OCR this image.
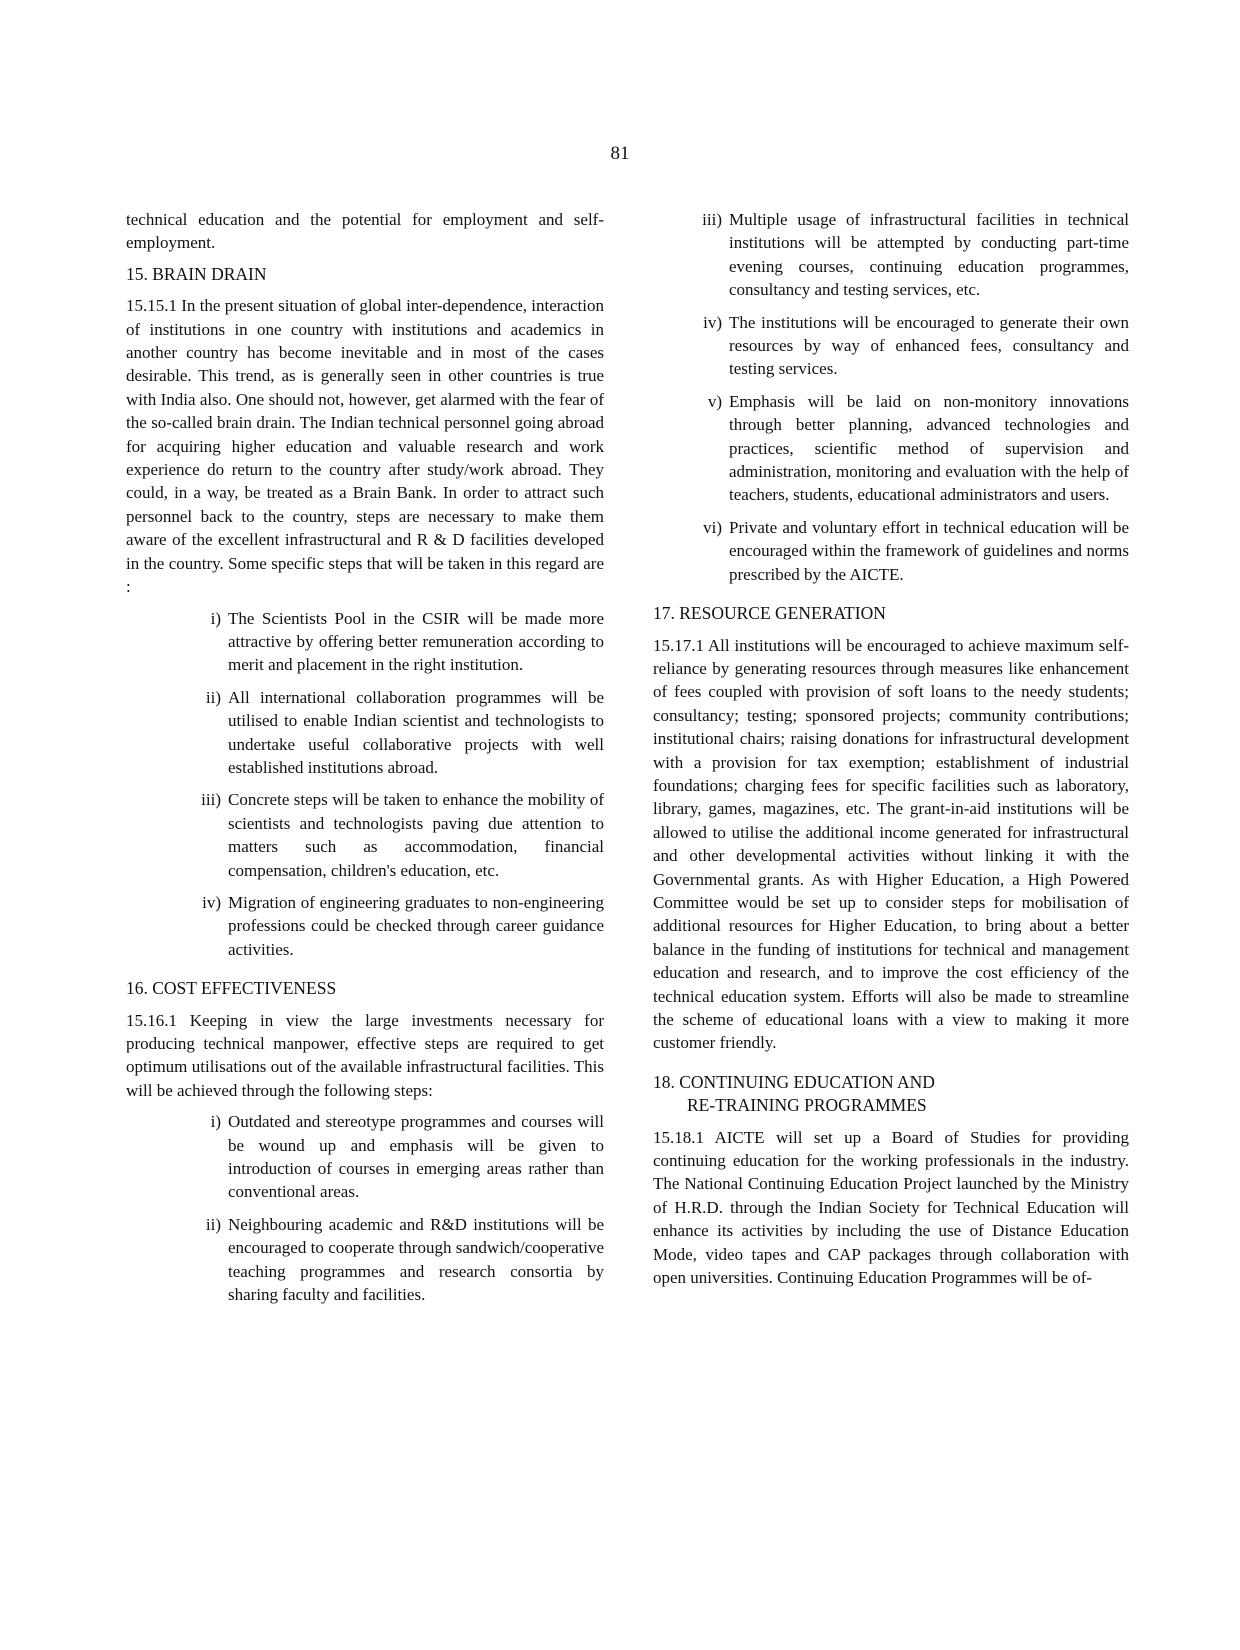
81

technical education and the potential for employment and self-employment.

15. BRAIN DRAIN

15.15.1 In the present situation of global inter-dependence, interaction of institutions in one country with institutions and academics in another country has become inevitable and in most of the cases desirable. This trend, as is generally seen in other countries is true with India also. One should not, however, get alarmed with the fear of the so-called brain drain. The Indian technical personnel going abroad for acquiring higher education and valuable research and work experience do return to the country after study/work abroad. They could, in a way, be treated as a Brain Bank. In order to attract such personnel back to the country, steps are necessary to make them aware of the excellent infrastructural and R & D facilities developed in the country. Some specific steps that will be taken in this regard are :

i) The Scientists Pool in the CSIR will be made more attractive by offering better remuneration according to merit and placement in the right institution.
ii) All international collaboration programmes will be utilised to enable Indian scientist and technologists to undertake useful collaborative projects with well established institutions abroad.
iii) Concrete steps will be taken to enhance the mobility of scientists and technologists paving due attention to matters such as accommodation, financial compensation, children's education, etc.
iv) Migration of engineering graduates to non-engineering professions could be checked through career guidance activities.
16. COST EFFECTIVENESS

15.16.1 Keeping in view the large investments necessary for producing technical manpower, effective steps are required to get optimum utilisations out of the available infrastructural facilities. This will be achieved through the following steps:

i) Outdated and stereotype programmes and courses will be wound up and emphasis will be given to introduction of courses in emerging areas rather than conventional areas.
ii) Neighbouring academic and R&D institutions will be encouraged to cooperate through sandwich/cooperative teaching programmes and research consortia by sharing faculty and facilities.
iii) Multiple usage of infrastructural facilities in technical institutions will be attempted by conducting part-time evening courses, continuing education programmes, consultancy and testing services, etc.
iv) The institutions will be encouraged to generate their own resources by way of enhanced fees, consultancy and testing services.
v) Emphasis will be laid on non-monitory innovations through better planning, advanced technologies and practices, scientific method of supervision and administration, monitoring and evaluation with the help of teachers, students, educational administrators and users.
vi) Private and voluntary effort in technical education will be encouraged within the framework of guidelines and norms prescribed by the AICTE.
17. RESOURCE GENERATION

15.17.1 All institutions will be encouraged to achieve maximum self-reliance by generating resources through measures like enhancement of fees coupled with provision of soft loans to the needy students; consultancy; testing; sponsored projects; community contributions; institutional chairs; raising donations for infrastructural development with a provision for tax exemption; establishment of industrial foundations; charging fees for specific facilities such as laboratory, library, games, magazines, etc. The grant-in-aid institutions will be allowed to utilise the additional income generated for infrastructural and other developmental activities without linking it with the Governmental grants. As with Higher Education, a High Powered Committee would be set up to consider steps for mobilisation of additional resources for Higher Education, to bring about a better balance in the funding of institutions for technical and management education and research, and to improve the cost efficiency of the technical education system. Efforts will also be made to streamline the scheme of educational loans with a view to making it more customer friendly.

18. CONTINUING EDUCATION AND
RE-TRAINING PROGRAMMES

15.18.1 AICTE will set up a Board of Studies for providing continuing education for the working professionals in the industry. The National Continuing Education Project launched by the Ministry of H.R.D. through the Indian Society for Technical Education will enhance its activities by including the use of Distance Education Mode, video tapes and CAP packages through collaboration with open universities. Continuing Education Programmes will be of-
